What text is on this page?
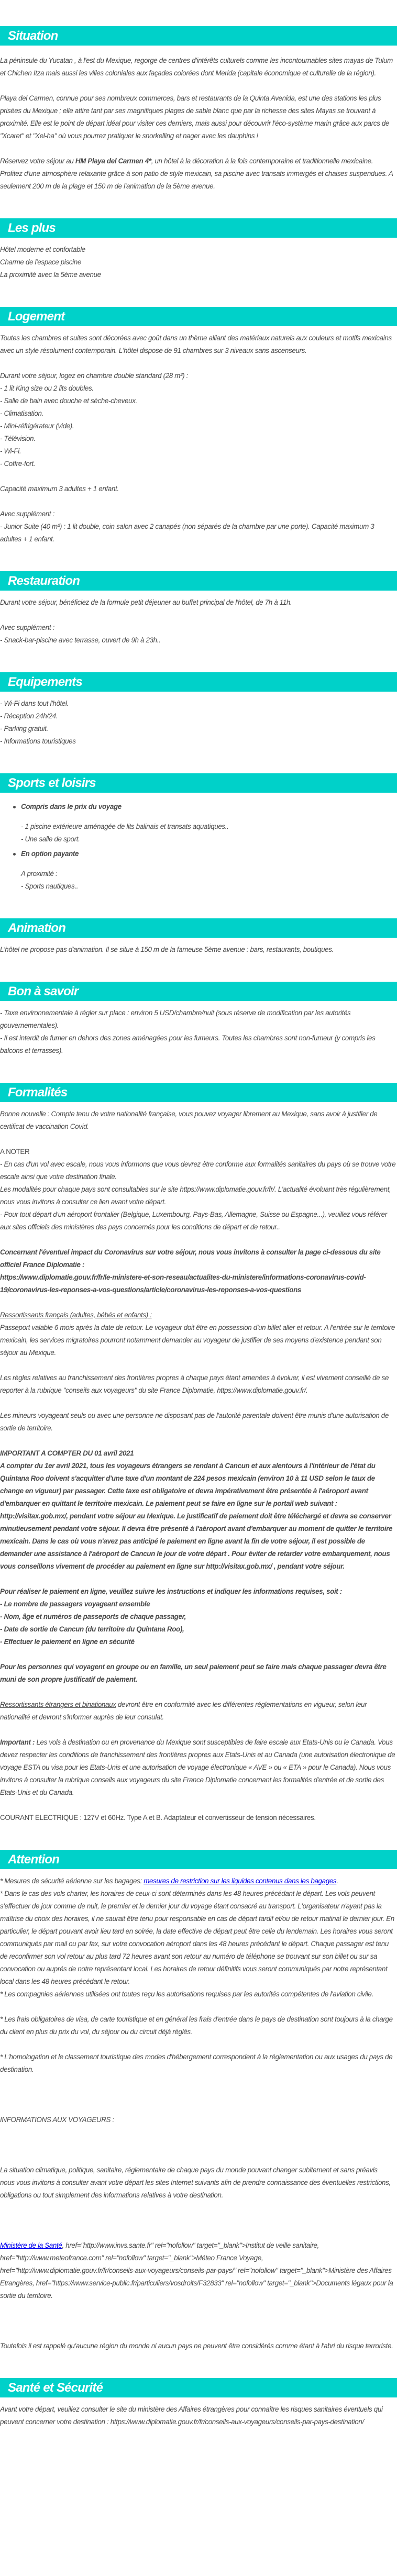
Situation
La péninsule du Yucatan , à l'est du Mexique, regorge de centres d'intérêts culturels comme les incontournables sites mayas de Tulum et Chichen Itza mais aussi les villes coloniales aux façades colorées dont Merida (capitale économique et culturelle de la région).
Playa del Carmen, connue pour ses nombreux commerces, bars et restaurants de la Quinta Avenida, est une des stations les plus prisées du Mexique ; elle attire tant par ses magnifiques plages de sable blanc que par la richesse des sites Mayas se trouvant à proximité. Elle est le point de départ idéal pour visiter ces derniers, mais aussi pour découvrir l'éco-système marin grâce aux parcs de "Xcaret" et "Xel-ha" où vous pourrez pratiquer le snorkelling et nager avec les dauphins !
Réservez votre séjour au HM Playa del Carmen 4*, un hôtel à la décoration à la fois contemporaine et traditionnelle mexicaine. Profitez d'une atmosphère relaxante grâce à son patio de style mexicain, sa piscine avec transats immergés et chaises suspendues. A seulement 200 m de la plage et 150 m de l'animation de la 5ème avenue.
Les plus
Hôtel moderne et confortable
Charme de l'espace piscine
La proximité avec la 5ème avenue
Logement
Toutes les chambres et suites sont décorées avec goût dans un thème alliant des matériaux naturels aux couleurs et motifs mexicains avec un style résolument contemporain. L'hôtel dispose de 91 chambres sur 3 niveaux sans ascenseurs.
Durant votre séjour, logez en chambre double standard (28 m²) :
- 1 lit King size ou 2 lits doubles.
- Salle de bain avec douche et sèche-cheveux.
- Climatisation.
- Mini-réfrigérateur (vide).
- Télévision.
- Wi-Fi.
- Coffre-fort.
Capacité maximum 3 adultes + 1 enfant.
Avec supplément :
- Junior Suite (40 m²) : 1 lit double, coin salon avec 2 canapés (non séparés de la chambre par une porte). Capacité maximum 3 adultes + 1 enfant.
Restauration
Durant votre séjour, bénéficiez de la formule petit déjeuner au buffet principal de l'hôtel, de 7h à 11h.
Avec supplément :
- Snack-bar-piscine avec terrasse, ouvert de 9h à 23h..
Equipements
- Wi-Fi dans tout l'hôtel.
- Réception 24h/24.
- Parking gratuit.
- Informations touristiques
Sports et loisirs
Compris dans le prix du voyage
- 1 piscine extérieure aménagée de lits balinais et transats aquatiques..
- Une salle de sport.
En option payante
A proximité :
- Sports nautiques..
Animation
L'hôtel ne propose pas d'animation. Il se situe à 150 m de la fameuse 5ème avenue : bars, restaurants, boutiques.
Bon à savoir
- Taxe environnementale à régler sur place : environ 5 USD/chambre/nuit (sous réserve de modification par les autorités gouvernementales).
- Il est interdit de fumer en dehors des zones aménagées pour les fumeurs. Toutes les chambres sont non-fumeur (y compris les balcons et terrasses).
Formalités
Bonne nouvelle : Compte tenu de votre nationalité française, vous pouvez voyager librement au Mexique, sans avoir à justifier de certificat de vaccination Covid.
A NOTER
- En cas d'un vol avec escale, nous vous informons que vous devrez être conforme aux formalités sanitaires du pays où se trouve votre escale ainsi que votre destination finale.
Les modalités pour chaque pays sont consultables sur le site https://www.diplomatie.gouv.fr/fr/. L'actualité évoluant très régulièrement, nous vous invitons à consulter ce lien avant votre départ.
- Pour tout départ d'un aéroport frontalier (Belgique, Luxembourg, Pays-Bas, Allemagne, Suisse ou Espagne...), veuillez vous référer aux sites officiels des ministères des pays concernés pour les conditions de départ et de retour..
Concernant l'éventuel impact du Coronavirus sur votre séjour, nous vous invitons à consulter la page ci-dessous du site officiel France Diplomatie :
https://www.diplomatie.gouv.fr/fr/le-ministere-et-son-reseau/actualites-du-ministere/informations-coronavirus-covid-19/coronavirus-les-reponses-a-vos-questions/article/coronavirus-les-reponses-a-vos-questions
Ressortissants français (adultes, bébés et enfants) :
Passeport valable 6 mois après la date de retour. Le voyageur doit être en possession d'un billet aller et retour. A l'entrée sur le territoire mexicain, les services migratoires pourront notamment demander au voyageur de justifier de ses moyens d'existence pendant son séjour au Mexique.
Les règles relatives au franchissement des frontières propres à chaque pays étant amenées à évoluer, il est vivement conseillé de se reporter à la rubrique "conseils aux voyageurs" du site France Diplomatie, https://www.diplomatie.gouv.fr/.
Les mineurs voyageant seuls ou avec une personne ne disposant pas de l'autorité parentale doivent être munis d'une autorisation de sortie de territoire.
IMPORTANT A COMPTER DU 01 avril 2021
A compter du 1er avril 2021, tous les voyageurs étrangers se rendant à Cancun et aux alentours à l'intérieur de l'état du Quintana Roo doivent s'acquitter d'une taxe d'un montant de 224 pesos mexicain (environ 10 à 11 USD selon le taux de change en vigueur) par passager. Cette taxe est obligatoire et devra impérativement être présentée à l'aéroport avant d'embarquer en quittant le territoire mexicain. Le paiement peut se faire en ligne sur le portail web suivant : http://visitax.gob.mx/, pendant votre séjour au Mexique. Le justificatif de paiement doit être téléchargé et devra se conserver minutieusement pendant votre séjour. Il devra être présenté à l'aéroport avant d'embarquer au moment de quitter le territoire mexicain. Dans le cas où vous n'avez pas anticipé le paiement en ligne avant la fin de votre séjour, il est possible de demander une assistance à l'aéroport de Cancun le jour de votre départ . Pour éviter de retarder votre embarquement, nous vous conseillons vivement de procéder au paiement en ligne sur http://visitax.gob.mx/ , pendant votre séjour.
Pour réaliser le paiement en ligne, veuillez suivre les instructions et indiquer les informations requises, soit :
- Le nombre de passagers voyageant ensemble
- Nom, âge et numéros de passeports de chaque passager,
- Date de sortie de Cancun (du territoire du Quintana Roo),
- Effectuer le paiement en ligne en sécurité
Pour les personnes qui voyagent en groupe ou en famille, un seul paiement peut se faire mais chaque passager devra être muni de son propre justificatif de paiement.
Ressortissants étrangers et binationaux devront être en conformité avec les différentes réglementations en vigueur, selon leur nationalité et devront s'informer auprès de leur consulat.
Important : Les vols à destination ou en provenance du Mexique sont susceptibles de faire escale aux Etats-Unis ou le Canada. Vous devez respecter les conditions de franchissement des frontières propres aux Etats-Unis et au Canada (une autorisation électronique de voyage ESTA ou visa pour les Etats-Unis et une autorisation de voyage électronique « AVE » ou « ETA » pour le Canada). Nous vous invitons à consulter la rubrique conseils aux voyageurs du site France Diplomatie concernant les formalités d'entrée et de sortie des Etats-Unis et du Canada.
COURANT ELECTRIQUE : 127V et 60Hz. Type A et B. Adaptateur et convertisseur de tension nécessaires.
Attention
* Mesures de sécurité aérienne sur les bagages: mesures de restriction sur les liquides contenus dans les bagages.
* Dans le cas des vols charter, les horaires de ceux-ci sont déterminés dans les 48 heures précédant le départ. Les vols peuvent s'effectuer de jour comme de nuit, le premier et le dernier jour du voyage étant consacré au transport. L'organisateur n'ayant pas la maîtrise du choix des horaires, il ne saurait être tenu pour responsable en cas de départ tardif et/ou de retour matinal le dernier jour. En particulier, le départ pouvant avoir lieu tard en soirée, la date effective de départ peut être celle du lendemain. Les horaires vous seront communiqués par mail ou par fax, sur votre convocation aéroport dans les 48 heures précédant le départ. Chaque passager est tenu de reconfirmer son vol retour au plus tard 72 heures avant son retour au numéro de téléphone se trouvant sur son billet ou sur sa convocation ou auprés de notre représentant local. Les horaires de retour définitifs vous seront communiqués par notre représentant local dans les 48 heures précédant le retour.
* Les compagnies aériennes utilisées ont toutes reçu les autorisations requises par les autorités compétentes de l'aviation civile.
* Les frais obligatoires de visa, de carte touristique et en général les frais d'entrée dans le pays de destination sont toujours à la charge du client en plus du prix du vol, du séjour ou du circuit déjà réglés.
* L'homologation et le classement touristique des modes d'hébergement correspondent à la réglementation ou aux usages du pays de destination.
INFORMATIONS AUX VOYAGEURS :
La situation climatique, politique, sanitaire, réglementaire de chaque pays du monde pouvant changer subitement et sans préavis
nous vous invitons à consulter avant votre départ les sites Internet suivants afin de prendre connaissance des éventuelles restrictions, obligations ou tout simplement des informations relatives à votre destination.
Ministère de la Santé, href="http://www.invs.sante.fr" rel="nofollow" target="_blank">Institut de veille sanitaire, href="http://www.meteofrance.com" rel="nofollow" target="_blank">Méteo France Voyage, href="http://www.diplomatie.gouv.fr/fr/conseils-aux-voyageurs/conseils-par-pays/" rel="nofollow" target="_blank">Ministère des Affaires Etrangères, href="https://www.service-public.fr/particuliers/vosdroits/F32833" rel="nofollow" target="_blank">Documents légaux pour la sortie du territoire.
Toutefois il est rappelé qu'aucune région du monde ni aucun pays ne peuvent être considérés comme étant à l'abri du risque terroriste.
Santé et Sécurité
Avant votre départ, veuillez consulter le site du ministère des Affaires étrangères pour connaître les risques sanitaires éventuels qui peuvent concerner votre destination : https://www.diplomatie.gouv.fr/fr/conseils-aux-voyageurs/conseils-par-pays-destination/
